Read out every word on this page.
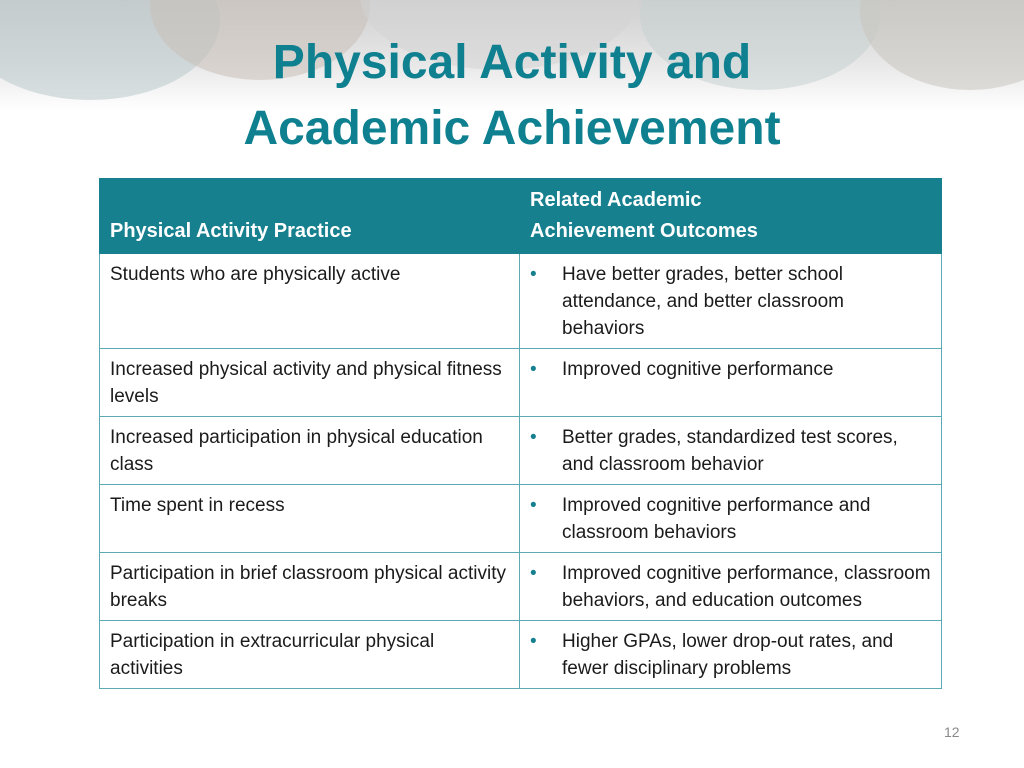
Physical Activity and
Academic Achievement
Physical Activity Practice	Related Academic
Achievement Outcomes

Students who are physically active	• Have better grades, better school attendance, and better classroom behaviors

Increased physical activity and physical fitness levels	• Improved cognitive performance

Increased participation in physical education class	• Better grades, standardized test scores, and classroom behavior

Time spent in recess	• Improved cognitive performance and classroom behaviors

Participation in brief classroom physical activity breaks	• Improved cognitive performance, classroom behaviors, and education outcomes

Participation in extracurricular physical activities	• Higher GPAs, lower drop-out rates, and fewer disciplinary problems
12
